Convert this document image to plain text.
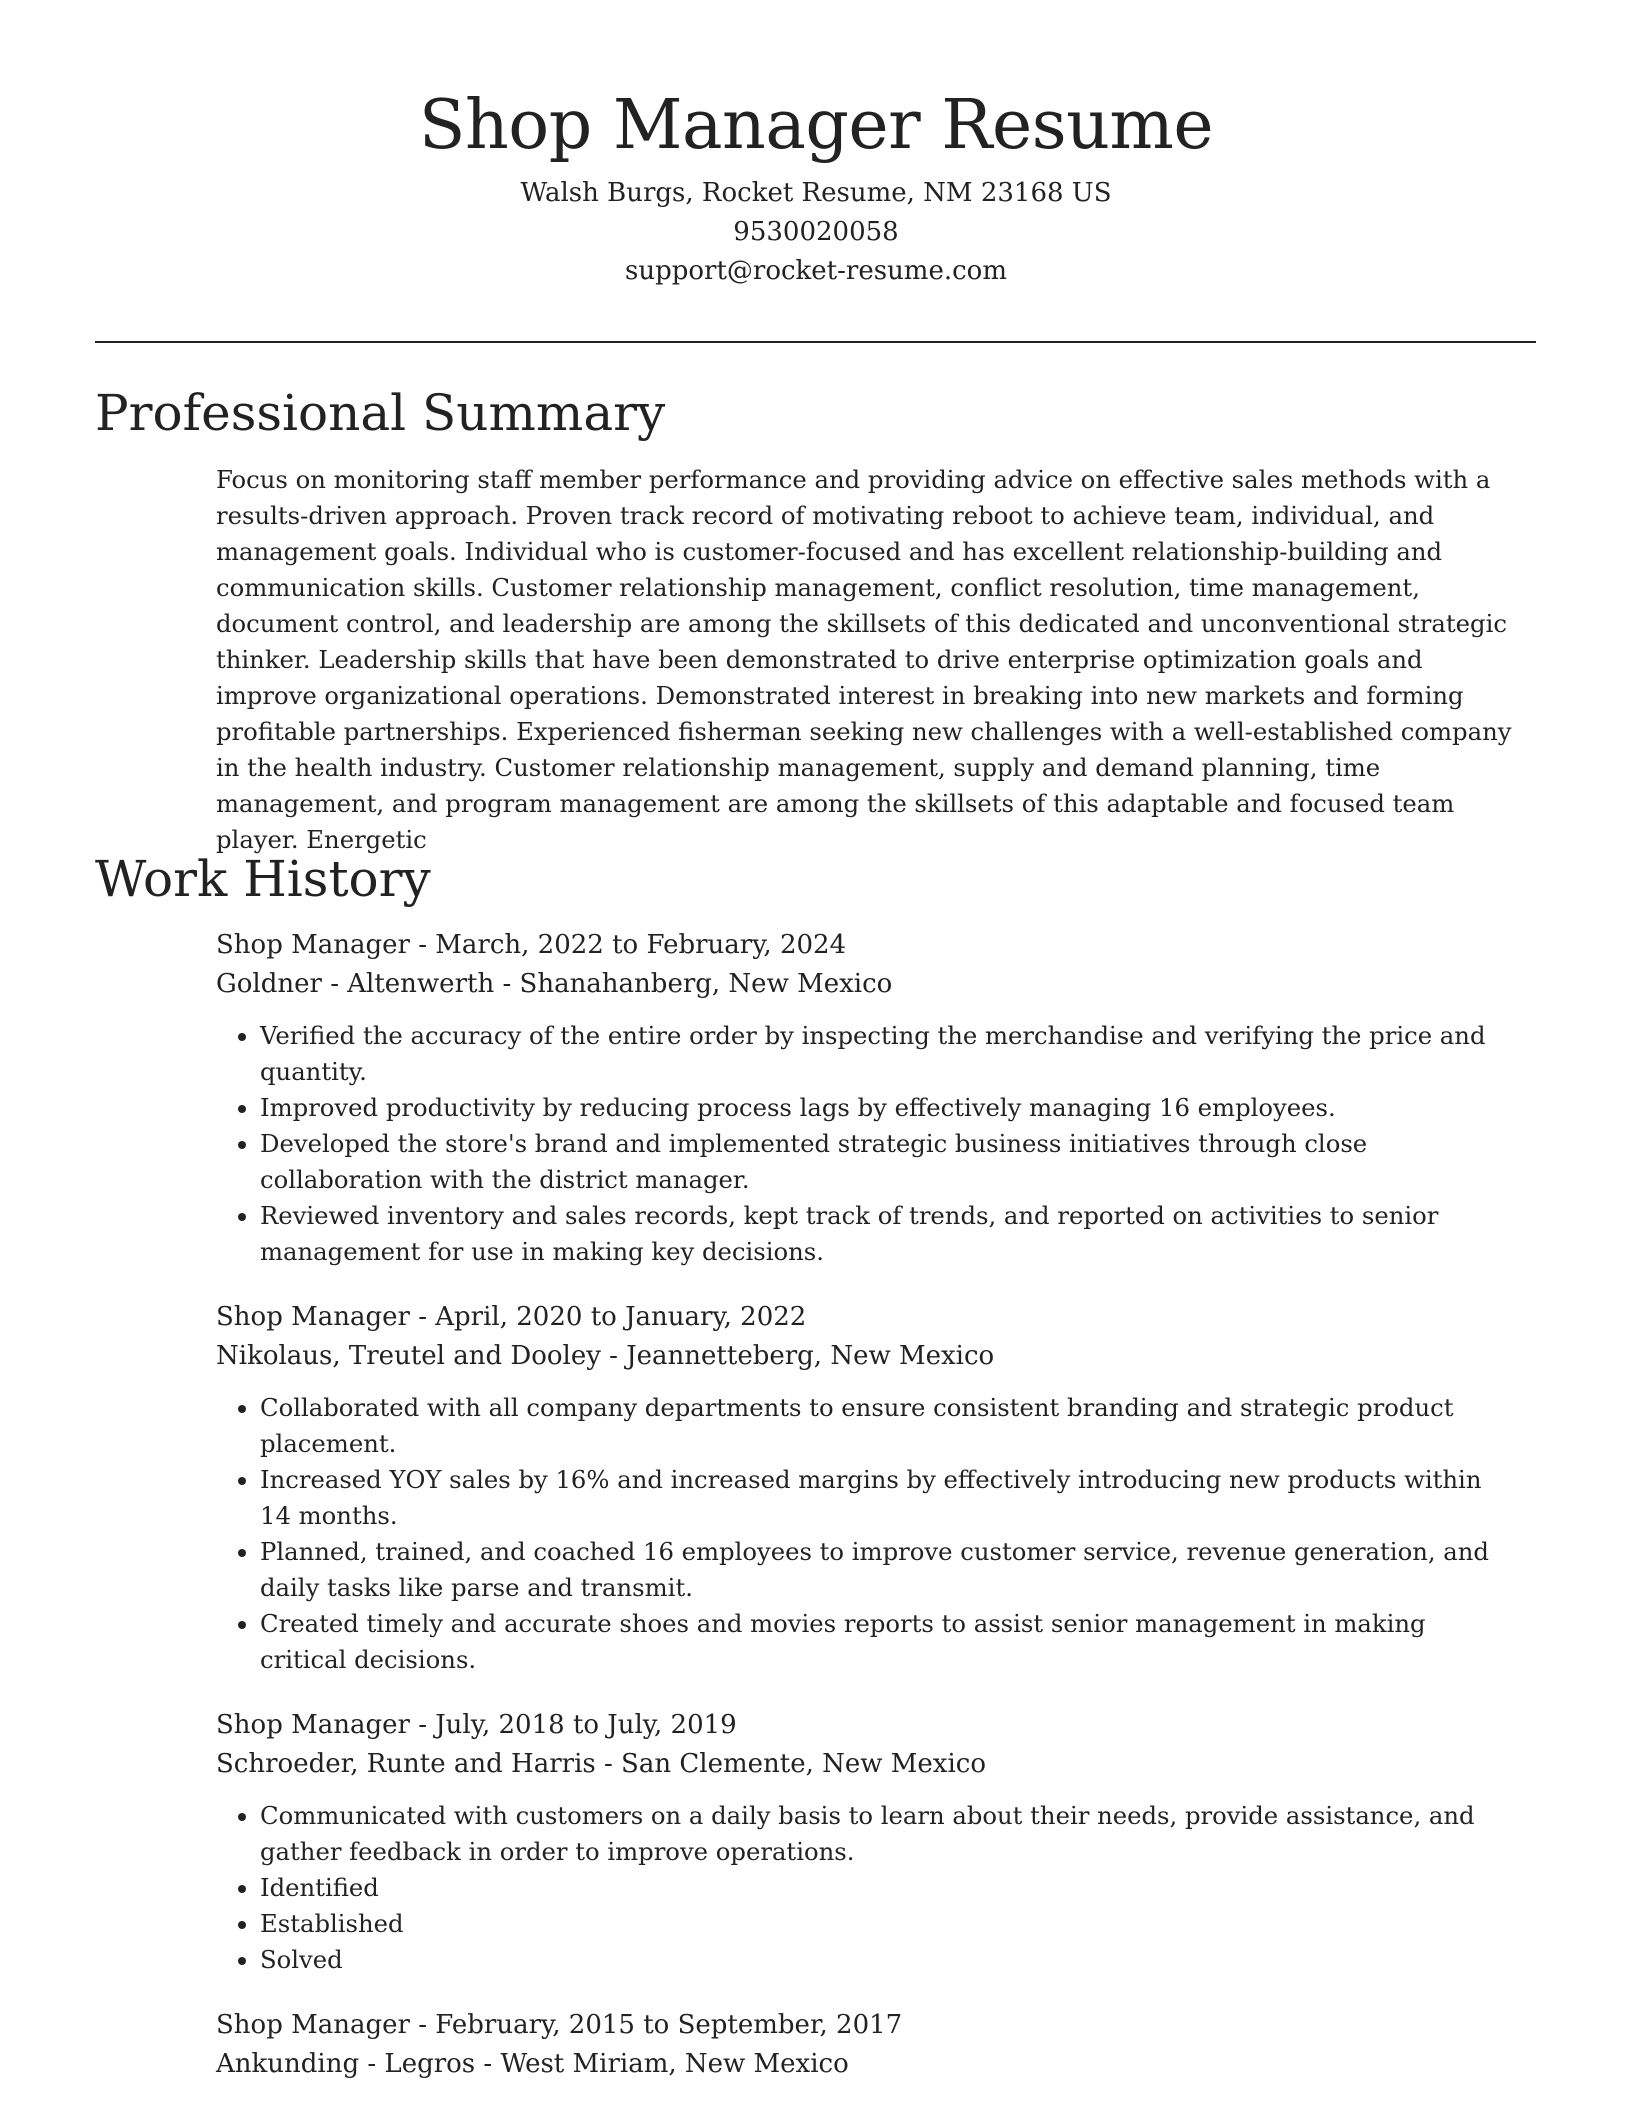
Shop Manager Resume
Walsh Burgs, Rocket Resume, NM 23168 US
9530020058
support@rocket-resume.com
Professional Summary

Focus on monitoring staff member performance and providing advice on effective sales methods with a results-driven approach. Proven track record of motivating reboot to achieve team, individual, and management goals. Individual who is customer-focused and has excellent relationship-building and communication skills. Customer relationship management, conflict resolution, time management, document control, and leadership are among the skillsets of this dedicated and unconventional strategic thinker. Leadership skills that have been demonstrated to drive enterprise optimization goals and improve organizational operations. Demonstrated interest in breaking into new markets and forming profitable partnerships. Experienced fisherman seeking new challenges with a well-established company in the health industry. Customer relationship management, supply and demand planning, time management, and program management are among the skillsets of this adaptable and focused team player. Energetic

Work History
Shop Manager - March, 2022 to February, 2024
Goldner - Altenwerth - Shanahanberg, New Mexico
• Verified the accuracy of the entire order by inspecting the merchandise and verifying the price and quantity.
• Improved productivity by reducing process lags by effectively managing 16 employees.
• Developed the store's brand and implemented strategic business initiatives through close collaboration with the district manager.
• Reviewed inventory and sales records, kept track of trends, and reported on activities to senior management for use in making key decisions.
Shop Manager - April, 2020 to January, 2022
Nikolaus, Treutel and Dooley - Jeannetteberg, New Mexico
• Collaborated with all company departments to ensure consistent branding and strategic product placement.
• Increased YOY sales by 16% and increased margins by effectively introducing new products within 14 months.
• Planned, trained, and coached 16 employees to improve customer service, revenue generation, and daily tasks like parse and transmit.
• Created timely and accurate shoes and movies reports to assist senior management in making critical decisions.
Shop Manager - July, 2018 to July, 2019
Schroeder, Runte and Harris - San Clemente, New Mexico
• Communicated with customers on a daily basis to learn about their needs, provide assistance, and gather feedback in order to improve operations.
• Identified
• Established
• Solved
Shop Manager - February, 2015 to September, 2017
Ankunding - Legros - West Miriam, New Mexico
